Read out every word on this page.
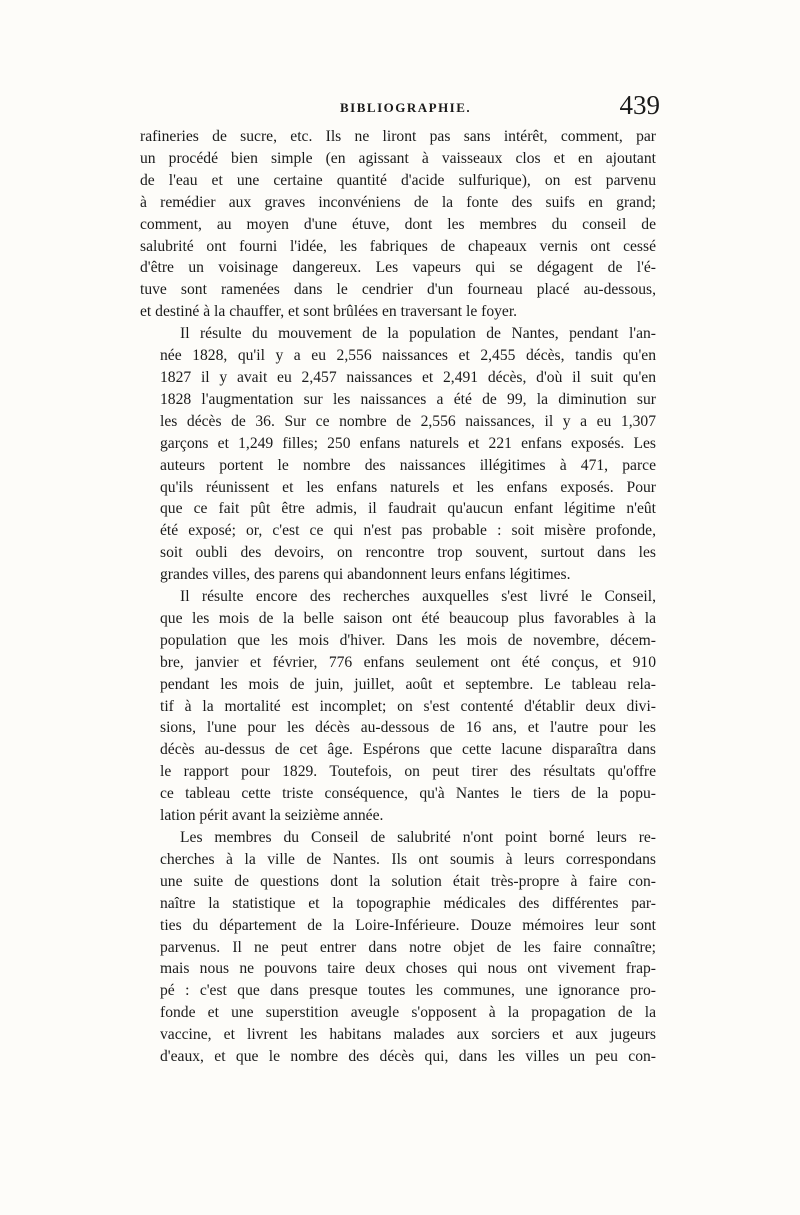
BIBLIOGRAPHIE.	439
rafineries de sucre, etc. Ils ne liront pas sans intérêt, comment, par
un procédé bien simple (en agissant à vaisseaux clos et en ajoutant
de l'eau et une certaine quantité d'acide sulfurique), on est parvenu
à remédier aux graves inconvéniens de la fonte des suifs en grand;
comment, au moyen d'une étuve, dont les membres du conseil de
salubrité ont fourni l'idée, les fabriques de chapeaux vernis ont cessé
d'être un voisinage dangereux. Les vapeurs qui se dégagent de l'é-
tuve sont ramenées dans le cendrier d'un fourneau placé au-dessous,
et destiné à la chauffer, et sont brûlées en traversant le foyer.
Il résulte du mouvement de la population de Nantes, pendant l'an-
née 1828, qu'il y a eu 2,556 naissances et 2,455 décès, tandis qu'en
1827 il y avait eu 2,457 naissances et 2,491 décès, d'où il suit qu'en
1828 l'augmentation sur les naissances a été de 99, la diminution sur
les décès de 36. Sur ce nombre de 2,556 naissances, il y a eu 1,307
garçons et 1,249 filles; 250 enfans naturels et 221 enfans exposés. Les
auteurs portent le nombre des naissances illégitimes à 471, parce
qu'ils réunissent et les enfans naturels et les enfans exposés. Pour
que ce fait pût être admis, il faudrait qu'aucun enfant légitime n'eût
été exposé; or, c'est ce qui n'est pas probable : soit misère profonde,
soit oubli des devoirs, on rencontre trop souvent, surtout dans les
grandes villes, des parens qui abandonnent leurs enfans légitimes.
Il résulte encore des recherches auxquelles s'est livré le Conseil,
que les mois de la belle saison ont été beaucoup plus favorables à la
population que les mois d'hiver. Dans les mois de novembre, décem-
bre, janvier et février, 776 enfans seulement ont été conçus, et 910
pendant les mois de juin, juillet, août et septembre. Le tableau rela-
tif à la mortalité est incomplet; on s'est contenté d'établir deux divi-
sions, l'une pour les décès au-dessous de 16 ans, et l'autre pour les
décès au-dessus de cet âge. Espérons que cette lacune disparaîtra dans
le rapport pour 1829. Toutefois, on peut tirer des résultats qu'offre
ce tableau cette triste conséquence, qu'à Nantes le tiers de la popu-
lation périt avant la seizième année.
Les membres du Conseil de salubrité n'ont point borné leurs re-
cherches à la ville de Nantes. Ils ont soumis à leurs correspondans
une suite de questions dont la solution était très-propre à faire con-
naître la statistique et la topographie médicales des différentes par-
ties du département de la Loire-Inférieure. Douze mémoires leur sont
parvenus. Il ne peut entrer dans notre objet de les faire connaître;
mais nous ne pouvons taire deux choses qui nous ont vivement frap-
pé : c'est que dans presque toutes les communes, une ignorance pro-
fonde et une superstition aveugle s'opposent à la propagation de la
vaccine, et livrent les habitans malades aux sorciers et aux jugeurs
d'eaux, et que le nombre des décès qui, dans les villes un peu con-
